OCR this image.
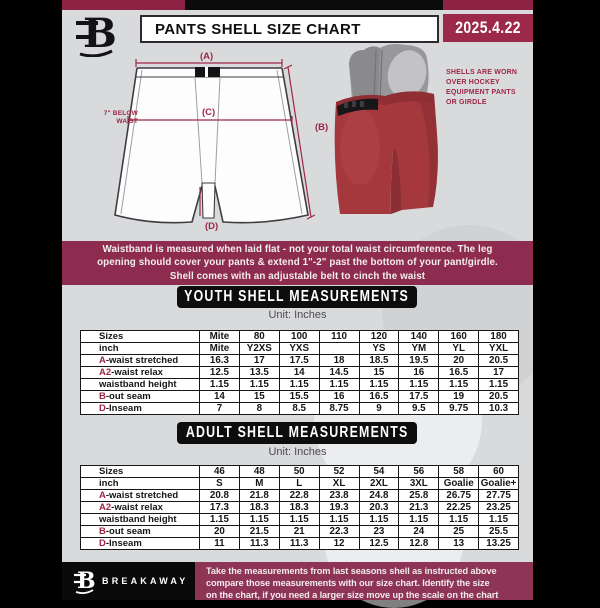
B	PANTS SHELL SIZE CHART	2025.4.22
(A)
(C)
(B)
(D)
7" BELOW
WAIST
SHELLS ARE WORN
OVER HOCKEY
EQUIPMENT PANTS
OR GIRDLE
Waistband is measured when laid flat - not your total waist circumference. The leg
opening should cover your pants & extend 1"-2" past the bottom of your pant/girdle.
Shell comes with an adjustable belt to cinch the waist
YOUTH SHELL MEASUREMENTS
Unit: Inches
Sizes	Mite	80	100	110	120	140	160	180
inch	Mite	Y2XS	YXS		YS	YM	YL	YXL
A-waist stretched	16.3	17	17.5	18	18.5	19.5	20	20.5
A2-waist relax	12.5	13.5	14	14.5	15	16	16.5	17
waistband height	1.15	1.15	1.15	1.15	1.15	1.15	1.15	1.15
B-out seam	14	15	15.5	16	16.5	17.5	19	20.5
D-Inseam	7	8	8.5	8.75	9	9.5	9.75	10.3
ADULT SHELL MEASUREMENTS
Unit: Inches
Sizes	46	48	50	52	54	56	58	60
inch	S	M	L	XL	2XL	3XL	Goalie	Goalie+
A-waist stretched	20.8	21.8	22.8	23.8	24.8	25.8	26.75	27.75
A2-waist relax	17.3	18.3	18.3	19.3	20.3	21.3	22.25	23.25
waistband height	1.15	1.15	1.15	1.15	1.15	1.15	1.15	1.15
B-out seam	20	21.5	21	22.3	23	24	25	25.5
D-Inseam	11	11.3	11.3	12	12.5	12.8	13	13.25
B BREAKAWAY
Take the measurements from last seasons shell as instructed above
compare those measurements with our size chart. Identify the size
on the chart, if you need a larger size move up the scale on the chart
